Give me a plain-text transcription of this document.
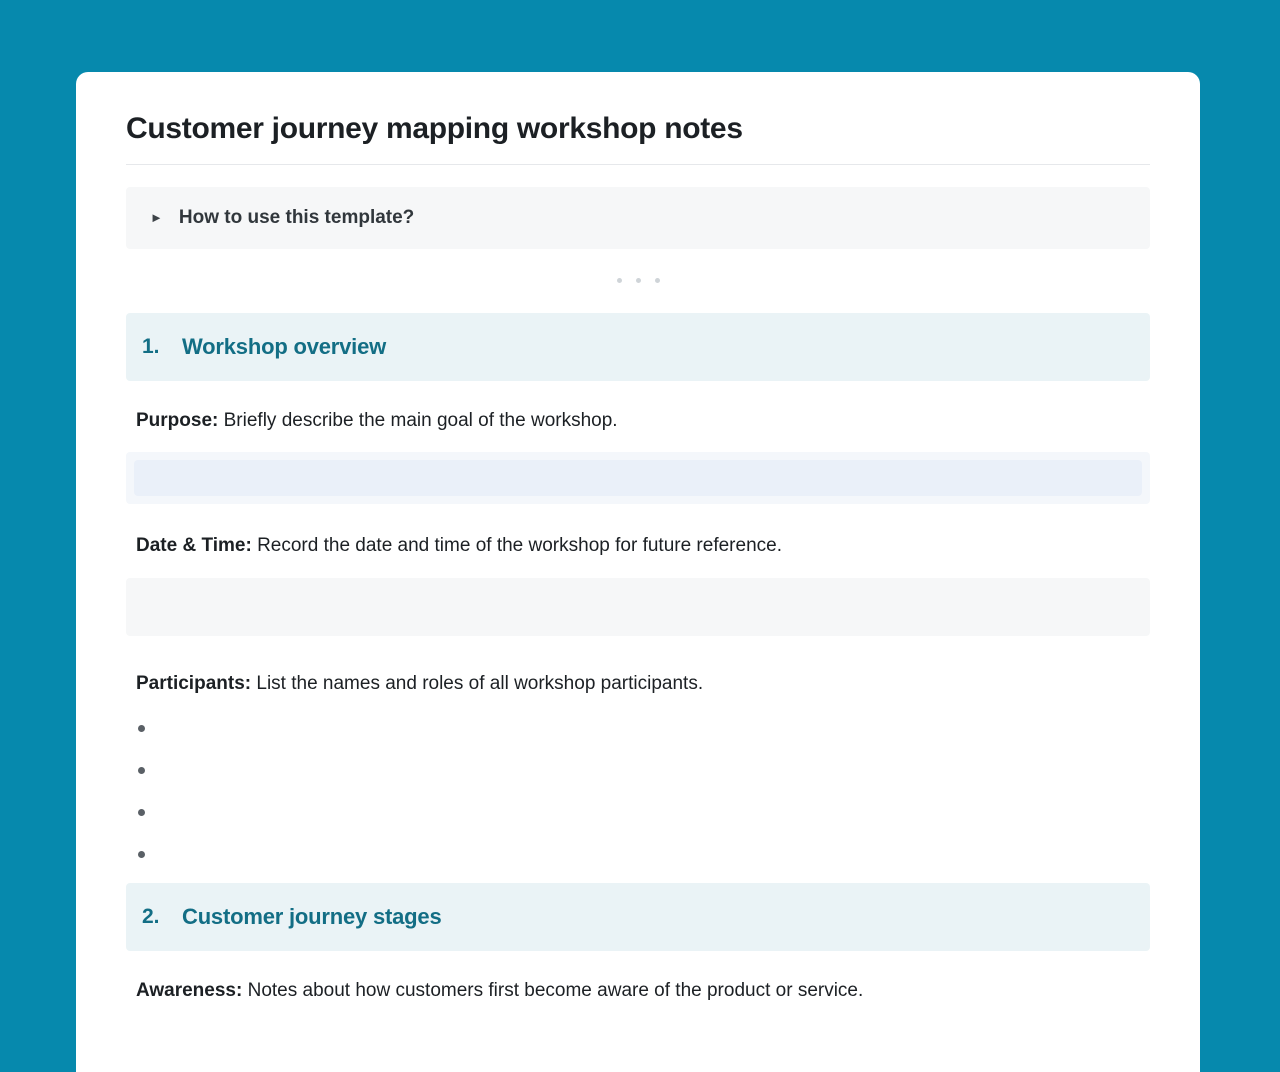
Customer journey mapping workshop notes
► How to use this template?
1.	Workshop overview

Purpose: Briefly describe the main goal of the workshop.

Date & Time: Record the date and time of the workshop for future reference.

Participants: List the names and roles of all workshop participants.

2.	Customer journey stages

Awareness: Notes about how customers first become aware of the product or service.
